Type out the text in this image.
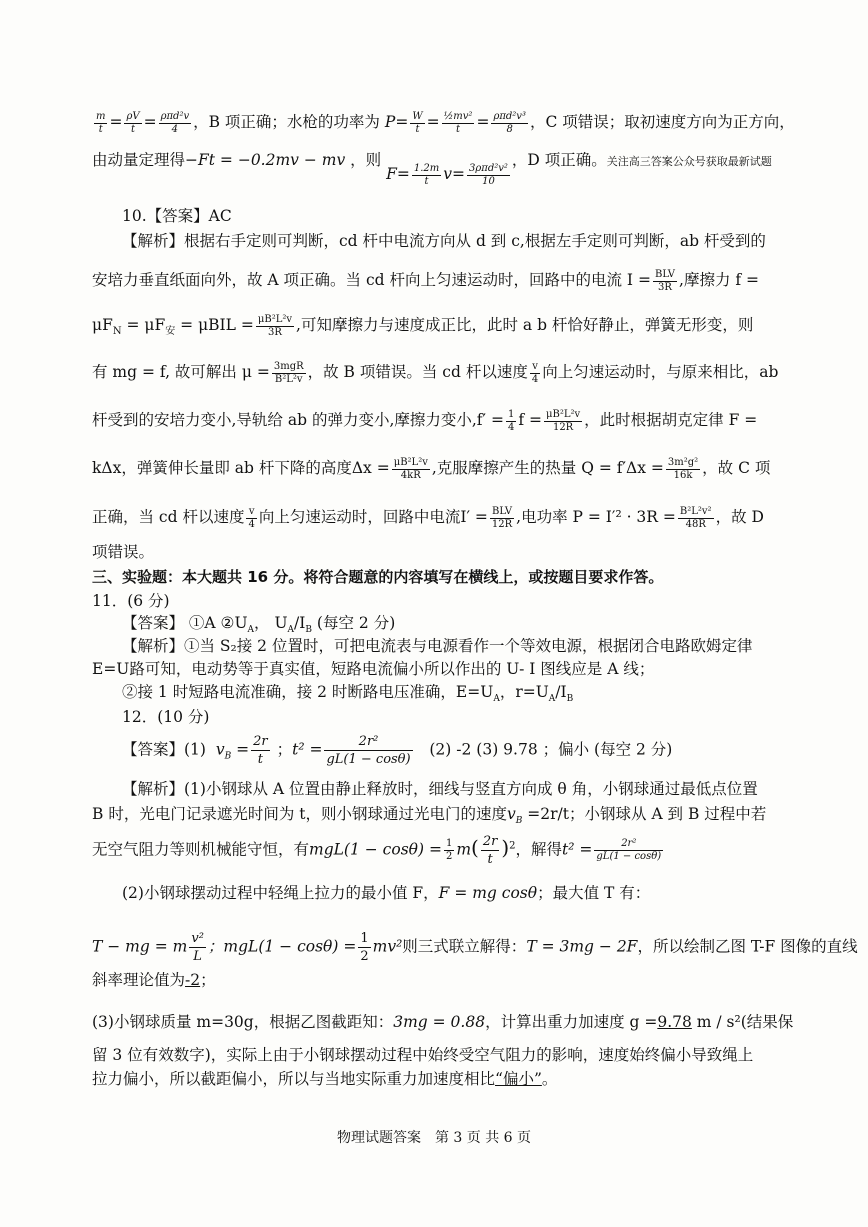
$\frac{m}{t} = \frac{\rho V}{t} = \frac{\text{ρπd²v}}{4}$ ，B 项正确；水枪的功率为 $P= \frac{W}{t} = \frac{\text{½mv²}}{t} = \frac{\text{ρπd²v³}}{8}$ ，C 项错误；取初速度方向为正方向，
由动量定理得−Ft = −0.2mv − mv ，则 $F= \frac{1.2m}{t} v= \frac{\text{3ρπd²v²}}{10}$
，D 项正确。关注高三答案公众号获取最新试题
10.【答案】AC
【解析】根据右手定则可判断，cd 杆中电流方向从 d 到 c,根据左手定则可判断，ab 杆受到的
安培力垂直纸面向外，故 A 项正确。当 cd 杆向上匀速运动时，回路中的电流 $I = \frac{\text{BLV}}{3R}$ ,摩擦力 f =
$\mu F_N = \mu F_安 = \mu BIL = \frac{\text{μB²L²v}}{3R}$ ,可知摩擦力与速度成正比，此时 a b 杆恰好静止，弹簧无形变，则
有 mg = f, 故可解出 $\mu = \frac{\text{3mgR}}{\text{B²L²v}}$ ，故 B 项错误。当 cd 杆以速度 $\frac{v}{4}$ 向上匀速运动时，与原来相比，ab
杆受到的安培力变小,导轨给 ab 的弹力变小,摩擦力变小$,f' = \frac{1}{4}$ $f = \frac{\text{μB²L²v}}{12R}$ ，此时根据胡克定律 F =
kΔx，弹簧伸长量即 ab 杆下降的高度$\Delta x = \frac{\text{μB²L²v}}{4kR}$ ,克服摩擦产生的热量 $Q = f'\Delta x = \frac{\text{3m²g²}}{16k}$ ，故 C 项
正确，当 cd 杆以速度 $\frac{v}{4}$ 向上匀速运动时，回路中电流$I' = \frac{\text{BLV}}{12R}$ ,电功率 $P = I'^2 \cdot 3R = \frac{\text{B²L²v²}}{48R}$ ，故 D
项错误。
三、实验题：本大题共 16 分。将符合题意的内容填写在横线上，或按题目要求作答。
11．(6 分)
【答案】 ①A $②U_A$， $U_A/I_B$ (每空 2 分)
【解析】①当 S₂接 2 位置时，可把电流表与电源看作一个等效电源，根据闭合电路欧姆定律
E=U路可知，电动势等于真实值，短路电流偏小所以作出的 U- I 图线应是 A 线；
②接 1 时短路电流准确，接 2 时断路电压准确，$E=U_A$，$r=U_A/I_B$
12．(10 分)
【答案】(1) $v_B = \frac{2r}{t}$ ；$t^2 = \frac{\text{2r²}}{gL(1 - \cos\theta)} (2)$ -2 (3) 9.78 ；偏小 (每空 2 分)
【解析】(1)小钢球从 A 位置由静止释放时，细线与竖直方向成 θ 角，小钢球通过最低点位置
B 时，光电门记录遮光时间为 t，则小钢球通过光电门的速度$v_B =2r/t$；小钢球从 A 到 B 过程中若
无空气阻力等则机械能守恒，有$mgL(1 - \cos\theta) = \frac{1}{2} m( \frac{2r}{t} )^2$，解得$t^2 = \frac{\text{2r²}}{gL(1 - \cos\theta)}$
(2)小钢球摆动过程中轻绳上拉力的最小值 F，F = mg cosθ；最大值 T 有：
T − mg = m $\frac{\text{v²}}{L}$ ；$mgL(1 - \cos\theta) = \frac{1}{2} mv^2$则三式联立解得：T = 3mg − 2F，所以绘制乙图 T-F 图像的直线
斜率理论值为-2；
(3)小钢球质量 m=30g，根据乙图截距知：3mg = 0.88，计算出重力加速度 g =9.78 m / s²(结果保
留 3 位有效数字)，实际上由于小钢球摆动过程中始终受空气阻力的影响，速度始终偏小导致绳上
拉力偏小，所以截距偏小，所以与当地实际重力加速度相比“偏小”。
物理试题答案　第 3 页 共 6 页
